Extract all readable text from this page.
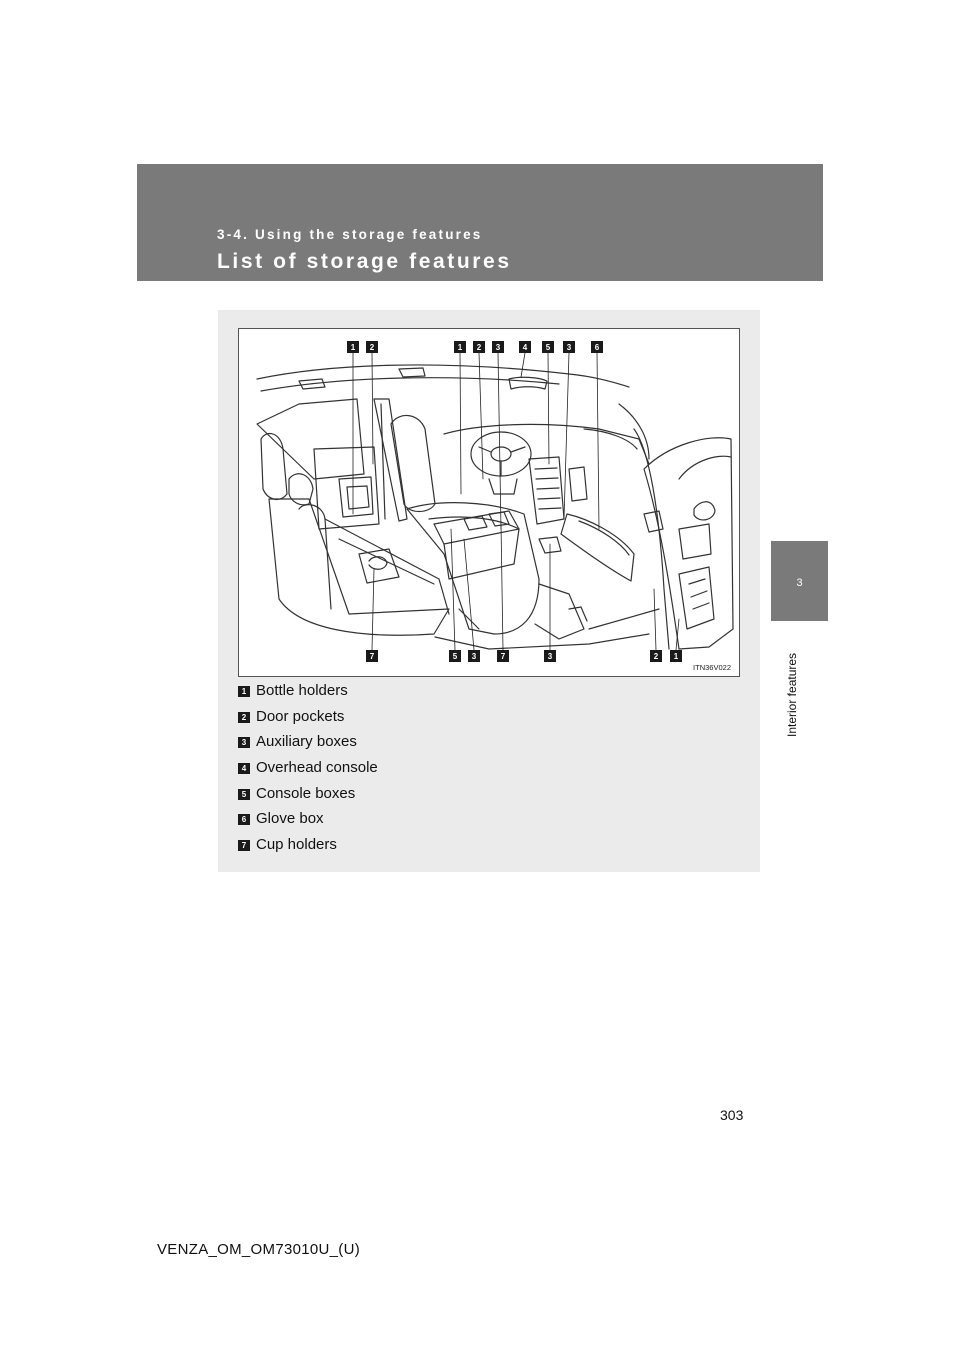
3-4. Using the storage features
List of storage features
3
Interior features
1 2	1 2 3	4 5 3	6
7	5 3	7	3	2 1
ITN36V022
1 Bottle holders
2 Door pockets
3 Auxiliary boxes
4 Overhead console
5 Console boxes
6 Glove box
7 Cup holders
303
VENZA_OM_OM73010U_(U)
